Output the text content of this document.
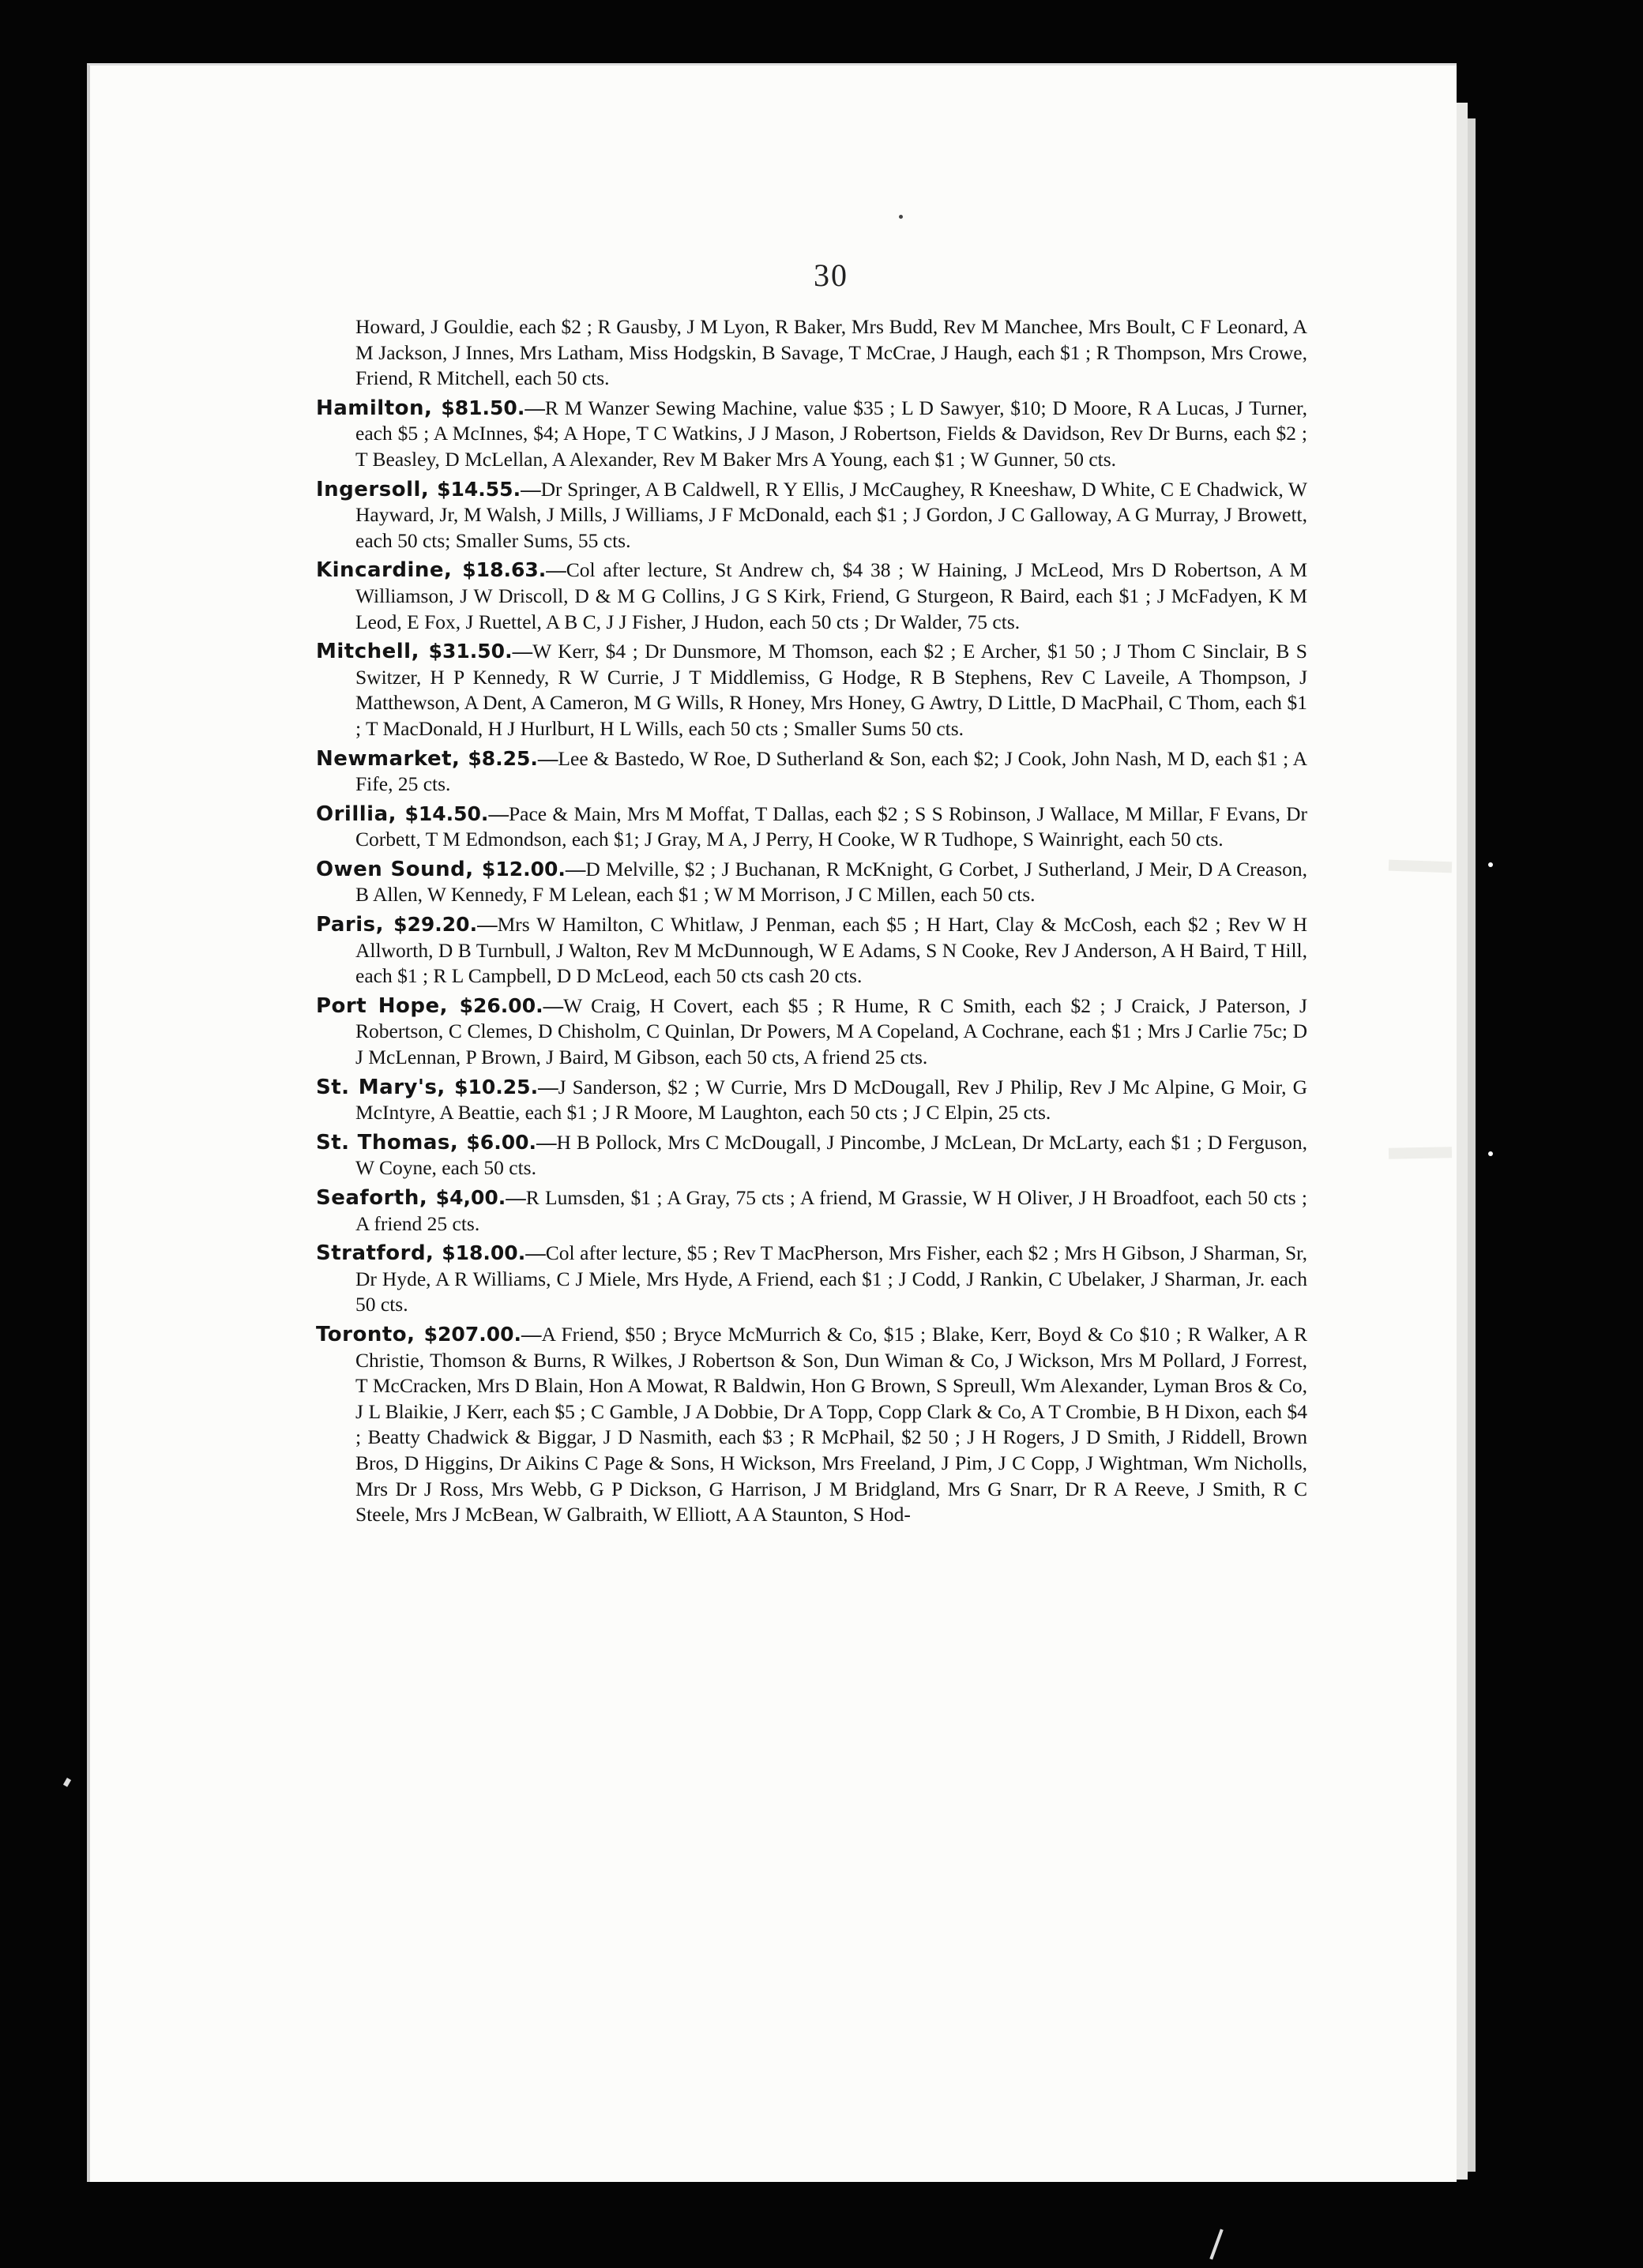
30

Howard, J Gouldie, each $2 ; R Gausby, J M Lyon, R Baker, Mrs Budd, Rev M Manchee, Mrs Boult, C F Leonard, A M Jackson, J Innes, Mrs Latham, Miss Hodgskin, B Savage, T McCrae, J Haugh, each $1 ; R Thompson, Mrs Crowe, Friend, R Mitchell, each 50 cts.

Hamilton, $81.50.—R M Wanzer Sewing Machine, value $35 ; L D Sawyer, $10; D Moore, R A Lucas, J Turner, each $5 ; A McInnes, $4; A Hope, T C Watkins, J J Mason, J Robertson, Fields & Davidson, Rev Dr Burns, each $2 ; T Beasley, D McLellan, A Alexander, Rev M Baker Mrs A Young, each $1 ; W Gunner, 50 cts.

Ingersoll, $14.55.—Dr Springer, A B Caldwell, R Y Ellis, J McCaughey, R Kneeshaw, D White, C E Chadwick, W Hayward, Jr, M Walsh, J Mills, J Williams, J F McDonald, each $1 ; J Gordon, J C Galloway, A G Murray, J Browett, each 50 cts; Smaller Sums, 55 cts.

Kincardine, $18.63.—Col after lecture, St Andrew ch, $4 38 ; W Haining, J McLeod, Mrs D Robertson, A M Williamson, J W Driscoll, D & M G Collins, J G S Kirk, Friend, G Sturgeon, R Baird, each $1 ; J McFadyen, K M Leod, E Fox, J Ruettel, A B C, J J Fisher, J Hudon, each 50 cts ; Dr Walder, 75 cts.

Mitchell, $31.50.—W Kerr, $4 ; Dr Dunsmore, M Thomson, each $2 ; E Archer, $1 50 ; J Thom C Sinclair, B S Switzer, H P Kennedy, R W Currie, J T Middlemiss, G Hodge, R B Stephens, Rev C Laveile, A Thompson, J Matthewson, A Dent, A Cameron, M G Wills, R Honey, Mrs Honey, G Awtry, D Little, D MacPhail, C Thom, each $1 ; T MacDonald, H J Hurlburt, H L Wills, each 50 cts ; Smaller Sums 50 cts.

Newmarket, $8.25.—Lee & Bastedo, W Roe, D Sutherland & Son, each $2; J Cook, John Nash, M D, each $1 ; A Fife, 25 cts.

Orillia, $14.50.—Pace & Main, Mrs M Moffat, T Dallas, each $2 ; S S Robinson, J Wallace, M Millar, F Evans, Dr Corbett, T M Edmondson, each $1; J Gray, M A, J Perry, H Cooke, W R Tudhope, S Wainright, each 50 cts.

Owen Sound, $12.00.—D Melville, $2 ; J Buchanan, R McKnight, G Corbet, J Sutherland, J Meir, D A Creason, B Allen, W Kennedy, F M Lelean, each $1 ; W M Morrison, J C Millen, each 50 cts.

Paris, $29.20.—Mrs W Hamilton, C Whitlaw, J Penman, each $5 ; H Hart, Clay & McCosh, each $2 ; Rev W H Allworth, D B Turnbull, J Walton, Rev M McDunnough, W E Adams, S N Cooke, Rev J Anderson, A H Baird, T Hill, each $1 ; R L Campbell, D D McLeod, each 50 cts cash 20 cts.

Port Hope, $26.00.—W Craig, H Covert, each $5 ; R Hume, R C Smith, each $2 ; J Craick, J Paterson, J Robertson, C Clemes, D Chisholm, C Quinlan, Dr Powers, M A Copeland, A Cochrane, each $1 ; Mrs J Carlie 75c; D J McLennan, P Brown, J Baird, M Gibson, each 50 cts, A friend 25 cts.

St. Mary's, $10.25.—J Sanderson, $2 ; W Currie, Mrs D McDougall, Rev J Philip, Rev J Mc Alpine, G Moir, G McIntyre, A Beattie, each $1 ; J R Moore, M Laughton, each 50 cts ; J C Elpin, 25 cts.

St. Thomas, $6.00.—H B Pollock, Mrs C McDougall, J Pincombe, J McLean, Dr McLarty, each $1 ; D Ferguson, W Coyne, each 50 cts.

Seaforth, $4,00.—R Lumsden, $1 ; A Gray, 75 cts ; A friend, M Grassie, W H Oliver, J H Broadfoot, each 50 cts ; A friend 25 cts.

Stratford, $18.00.—Col after lecture, $5 ; Rev T MacPherson, Mrs Fisher, each $2 ; Mrs H Gibson, J Sharman, Sr, Dr Hyde, A R Williams, C J Miele, Mrs Hyde, A Friend, each $1 ; J Codd, J Rankin, C Ubelaker, J Sharman, Jr. each 50 cts.

Toronto, $207.00.—A Friend, $50 ; Bryce McMurrich & Co, $15 ; Blake, Kerr, Boyd & Co $10 ; R Walker, A R Christie, Thomson & Burns, R Wilkes, J Robertson & Son, Dun Wiman & Co, J Wickson, Mrs M Pollard, J Forrest, T McCracken, Mrs D Blain, Hon A Mowat, R Baldwin, Hon G Brown, S Spreull, Wm Alexander, Lyman Bros & Co, J L Blaikie, J Kerr, each $5 ; C Gamble, J A Dobbie, Dr A Topp, Copp Clark & Co, A T Crombie, B H Dixon, each $4 ; Beatty Chadwick & Biggar, J D Nasmith, each $3 ; R McPhail, $2 50 ; J H Rogers, J D Smith, J Riddell, Brown Bros, D Higgins, Dr Aikins C Page & Sons, H Wickson, Mrs Freeland, J Pim, J C Copp, J Wightman, Wm Nicholls, Mrs Dr J Ross, Mrs Webb, G P Dickson, G Harrison, J M Bridgland, Mrs G Snarr, Dr R A Reeve, J Smith, R C Steele, Mrs J McBean, W Galbraith, W Elliott, A A Staunton, S Hod-
